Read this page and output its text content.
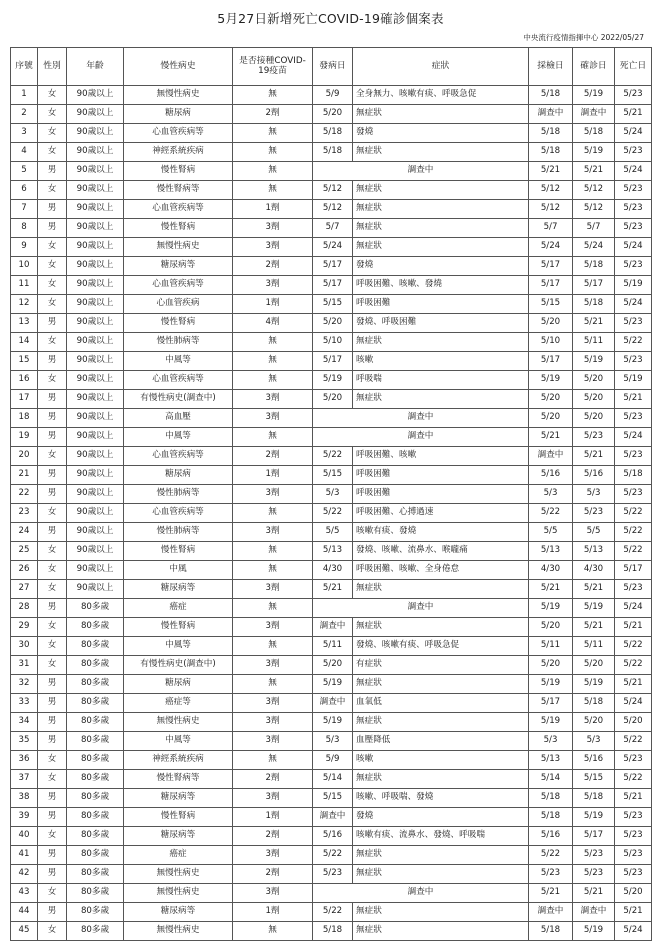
5月27日新增死亡COVID-19確診個案表
中央流行疫情指揮中心 2022/05/27
序號	性別	年齡	慢性病史	是否接種COVID-19疫苗	發病日	症狀	採檢日	確診日	死亡日
1	女	90歲以上	無慢性病史	無	5/9	全身無力、咳嗽有痰、呼吸急促	5/18	5/19	5/23
2	女	90歲以上	糖尿病	2劑	5/20	無症狀	調查中	調查中	5/21
3	女	90歲以上	心血管疾病等	無	5/18	發燒	5/18	5/18	5/24
4	女	90歲以上	神經系統疾病	無	5/18	無症狀	5/18	5/19	5/23
5	男	90歲以上	慢性腎病	無	調查中		5/21	5/21	5/24
6	女	90歲以上	慢性腎病等	無	5/12	無症狀	5/12	5/12	5/23
7	男	90歲以上	心血管疾病等	1劑	5/12	無症狀	5/12	5/12	5/23
8	男	90歲以上	慢性腎病	3劑	5/7	無症狀	5/7	5/7	5/23
9	女	90歲以上	無慢性病史	3劑	5/24	無症狀	5/24	5/24	5/24
10	女	90歲以上	糖尿病等	2劑	5/17	發燒	5/17	5/18	5/23
11	女	90歲以上	心血管疾病等	3劑	5/17	呼吸困難、咳嗽、發燒	5/17	5/17	5/19
12	女	90歲以上	心血管疾病	1劑	5/15	呼吸困難	5/15	5/18	5/24
13	男	90歲以上	慢性腎病	4劑	5/20	發燒、呼吸困難	5/20	5/21	5/23
14	女	90歲以上	慢性肺病等	無	5/10	無症狀	5/10	5/11	5/22
15	男	90歲以上	中風等	無	5/17	咳嗽	5/17	5/19	5/23
16	女	90歲以上	心血管疾病等	無	5/19	呼吸喘	5/19	5/20	5/19
17	男	90歲以上	有慢性病史(調查中)	3劑	5/20	無症狀	5/20	5/20	5/21
18	男	90歲以上	高血壓	3劑	調查中		5/20	5/20	5/23
19	男	90歲以上	中風等	無	調查中		5/21	5/23	5/24
20	女	90歲以上	心血管疾病等	2劑	5/22	呼吸困難、咳嗽	調查中	5/21	5/23
21	男	90歲以上	糖尿病	1劑	5/15	呼吸困難	5/16	5/16	5/18
22	男	90歲以上	慢性肺病等	3劑	5/3	呼吸困難	5/3	5/3	5/23
23	女	90歲以上	心血管疾病等	無	5/22	呼吸困難、心搏過速	5/22	5/23	5/22
24	男	90歲以上	慢性肺病等	3劑	5/5	咳嗽有痰、發燒	5/5	5/5	5/22
25	女	90歲以上	慢性腎病	無	5/13	發燒、咳嗽、流鼻水、喉嚨痛	5/13	5/13	5/22
26	女	90歲以上	中風	無	4/30	呼吸困難、咳嗽、全身倦怠	4/30	4/30	5/17
27	女	90歲以上	糖尿病等	3劑	5/21	無症狀	5/21	5/21	5/23
28	男	80多歲	癌症	無	調查中		5/19	5/19	5/24
29	女	80多歲	慢性腎病	3劑	調查中	無症狀	5/20	5/21	5/21
30	女	80多歲	中風等	無	5/11	發燒、咳嗽有痰、呼吸急促	5/11	5/11	5/22
31	女	80多歲	有慢性病史(調查中)	3劑	5/20	有症狀	5/20	5/20	5/22
32	男	80多歲	糖尿病	無	5/19	無症狀	5/19	5/19	5/21
33	男	80多歲	癌症等	3劑	調查中	血氧低	5/17	5/18	5/24
34	男	80多歲	無慢性病史	3劑	5/19	無症狀	5/19	5/20	5/20
35	男	80多歲	中風等	3劑	5/3	血壓降低	5/3	5/3	5/22
36	女	80多歲	神經系統疾病	無	5/9	咳嗽	5/13	5/16	5/23
37	女	80多歲	慢性腎病等	2劑	5/14	無症狀	5/14	5/15	5/22
38	男	80多歲	糖尿病等	3劑	5/15	咳嗽、呼吸喘、發燒	5/18	5/18	5/21
39	男	80多歲	慢性腎病	1劑	調查中	發燒	5/18	5/19	5/23
40	女	80多歲	糖尿病等	2劑	5/16	咳嗽有痰、流鼻水、發燒、呼吸喘	5/16	5/17	5/23
41	男	80多歲	癌症	3劑	5/22	無症狀	5/22	5/23	5/23
42	男	80多歲	無慢性病史	2劑	5/23	無症狀	5/23	5/23	5/23
43	女	80多歲	無慢性病史	3劑	調查中		5/21	5/21	5/20
44	男	80多歲	糖尿病等	1劑	5/22	無症狀	調查中	調查中	5/21
45	女	80多歲	無慢性病史	無	5/18	無症狀	5/18	5/19	5/24
